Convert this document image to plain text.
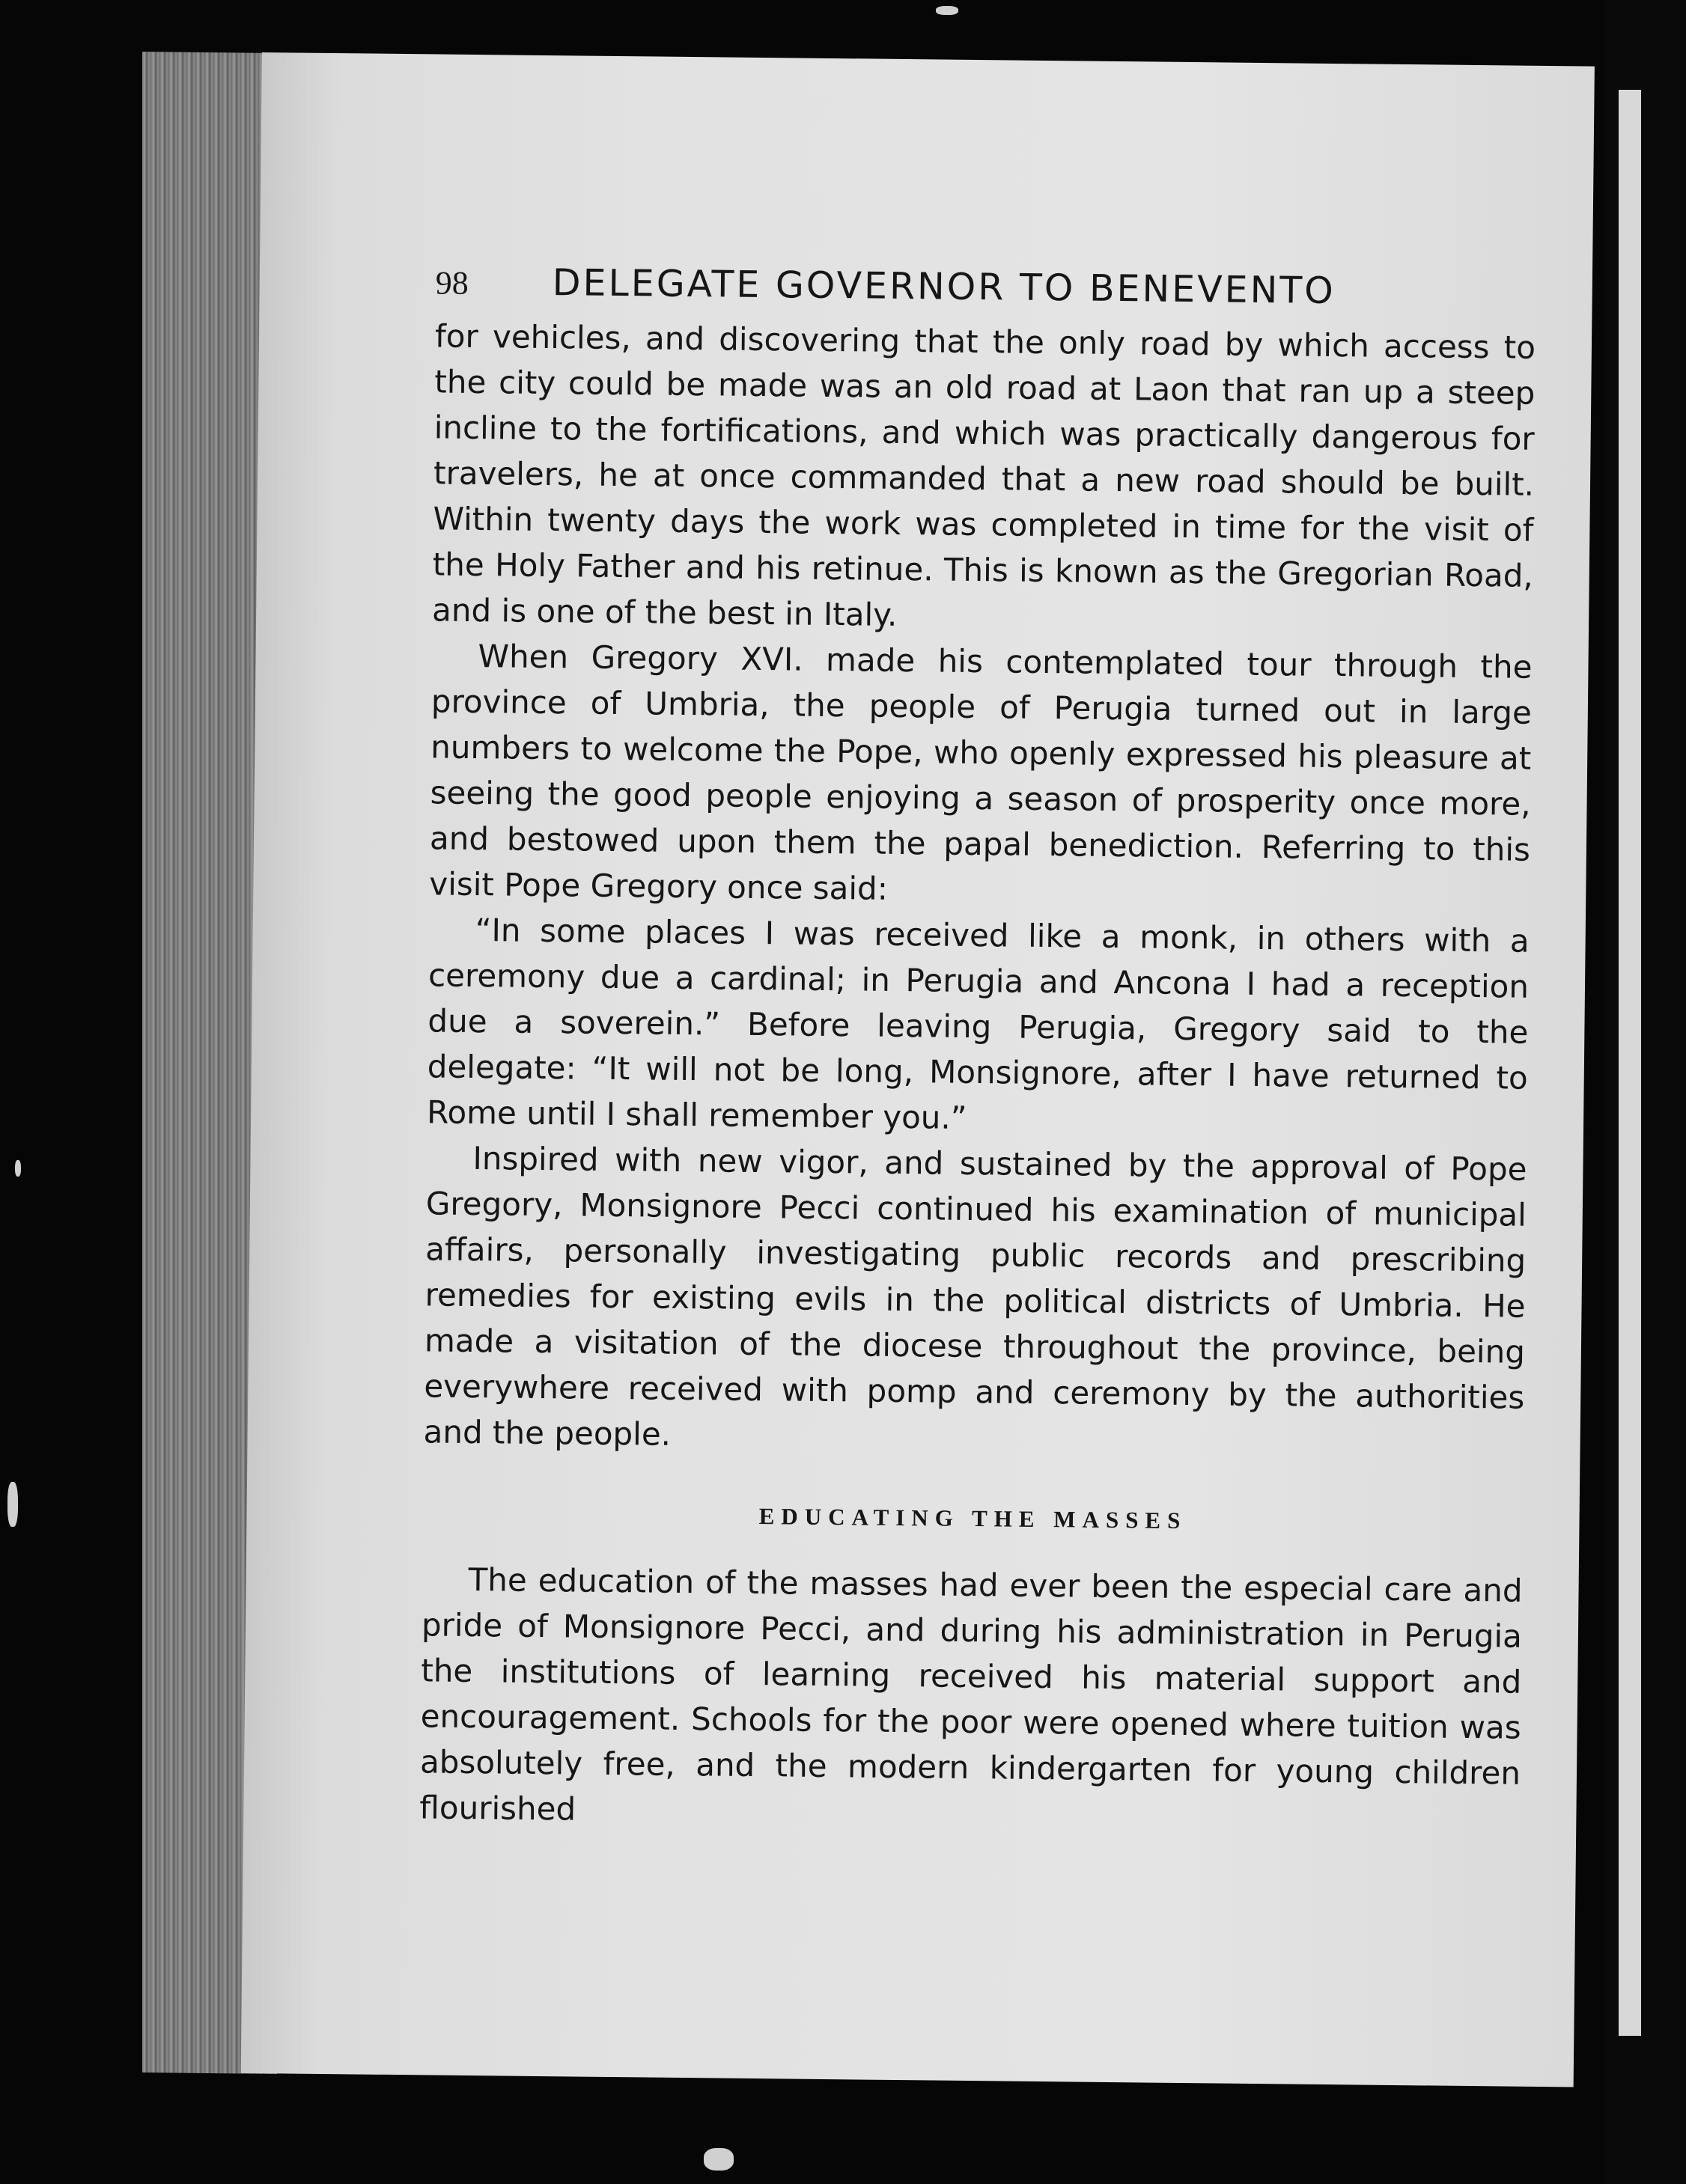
98 DELEGATE GOVERNOR TO BENEVENTO

for vehicles, and discovering that the only road by which access to the city could be made was an old road at Laon that ran up a steep incline to the fortifications, and which was practically dangerous for travelers, he at once commanded that a new road should be built. Within twenty days the work was completed in time for the visit of the Holy Father and his retinue. This is known as the Gregorian Road, and is one of the best in Italy.

When Gregory XVI. made his contemplated tour through the province of Umbria, the people of Perugia turned out in large numbers to welcome the Pope, who openly expressed his pleasure at seeing the good people enjoying a season of prosperity once more, and bestowed upon them the papal benediction. Referring to this visit Pope Gregory once said:

“In some places I was received like a monk, in others with a ceremony due a cardinal; in Perugia and Ancona I had a reception due a soverein.” Before leaving Perugia, Gregory said to the delegate: “It will not be long, Monsignore, after I have returned to Rome until I shall remember you.”

Inspired with new vigor, and sustained by the approval of Pope Gregory, Monsignore Pecci continued his examination of municipal affairs, personally investigating public records and prescribing remedies for existing evils in the political districts of Umbria. He made a visitation of the diocese throughout the province, being everywhere received with pomp and ceremony by the authorities and the people.

EDUCATING THE MASSES

The education of the masses had ever been the especial care and pride of Monsignore Pecci, and during his administration in Perugia the institutions of learning received his material support and encouragement. Schools for the poor were opened where tuition was absolutely free, and the modern kindergarten for young children flourished
